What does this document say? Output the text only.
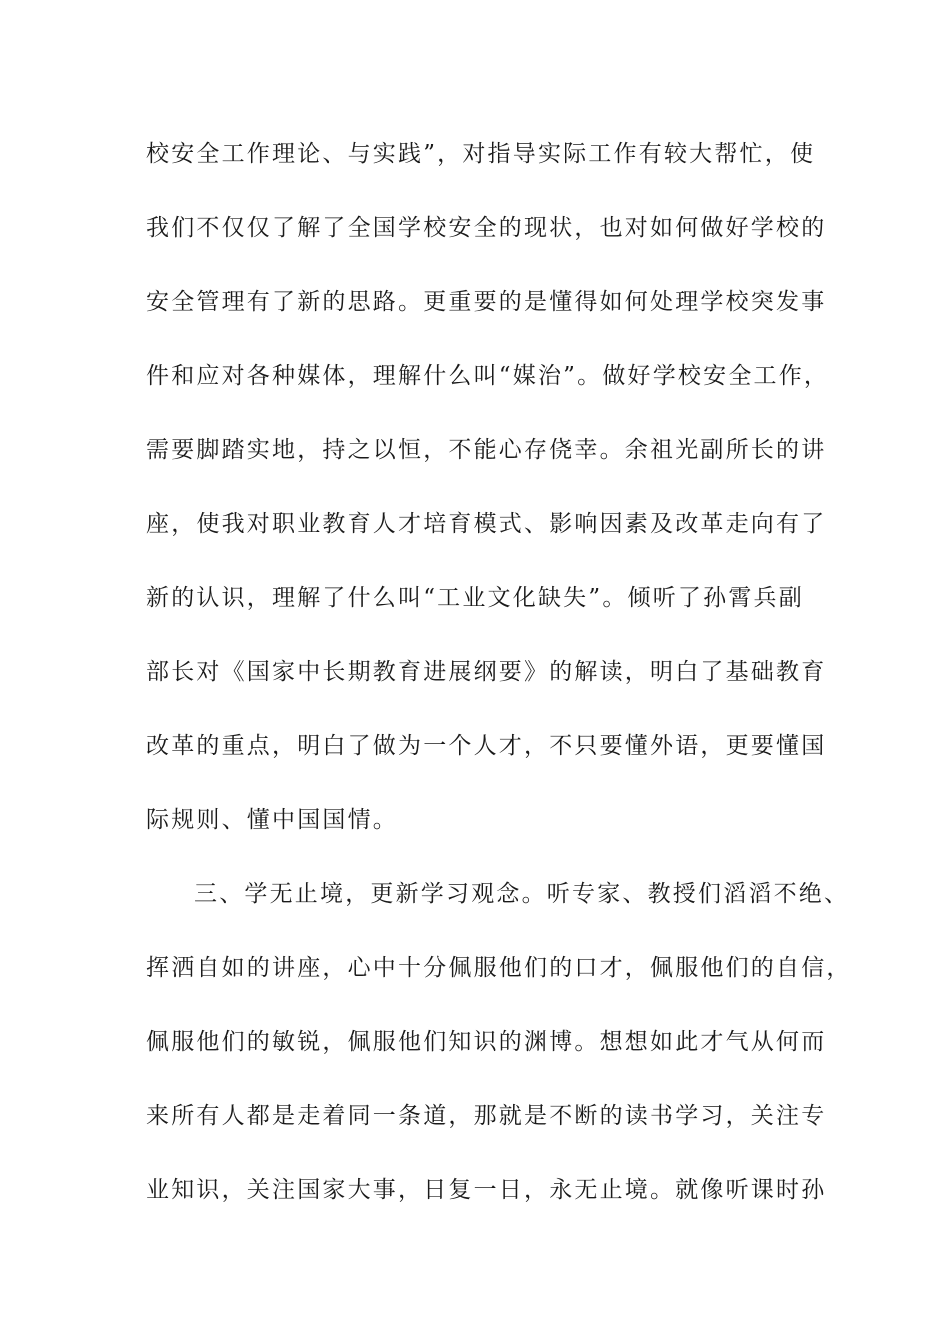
校安全工作理论、与实践”，对指导实际工作有较大帮忙，使
我们不仅仅了解了全国学校安全的现状，也对如何做好学校的
安全管理有了新的思路。更重要的是懂得如何处理学校突发事
件和应对各种媒体，理解什么叫“媒治”。做好学校安全工作，
需要脚踏实地，持之以恒，不能心存侥幸。余祖光副所长的讲
座，使我对职业教育人才培育模式、影响因素及改革走向有了
新的认识，理解了什么叫“工业文化缺失”。倾听了孙霄兵副
部长对《国家中长期教育进展纲要》的解读，明白了基础教育
改革的重点，明白了做为一个人才，不只要懂外语，更要懂国
际规则、懂中国国情。
三、学无止境，更新学习观念。听专家、教授们滔滔不绝、
挥洒自如的讲座，心中十分佩服他们的口才，佩服他们的自信，
佩服他们的敏锐，佩服他们知识的渊博。想想如此才气从何而
来所有人都是走着同一条道，那就是不断的读书学习，关注专
业知识，关注国家大事，日复一日，永无止境。就像听课时孙
